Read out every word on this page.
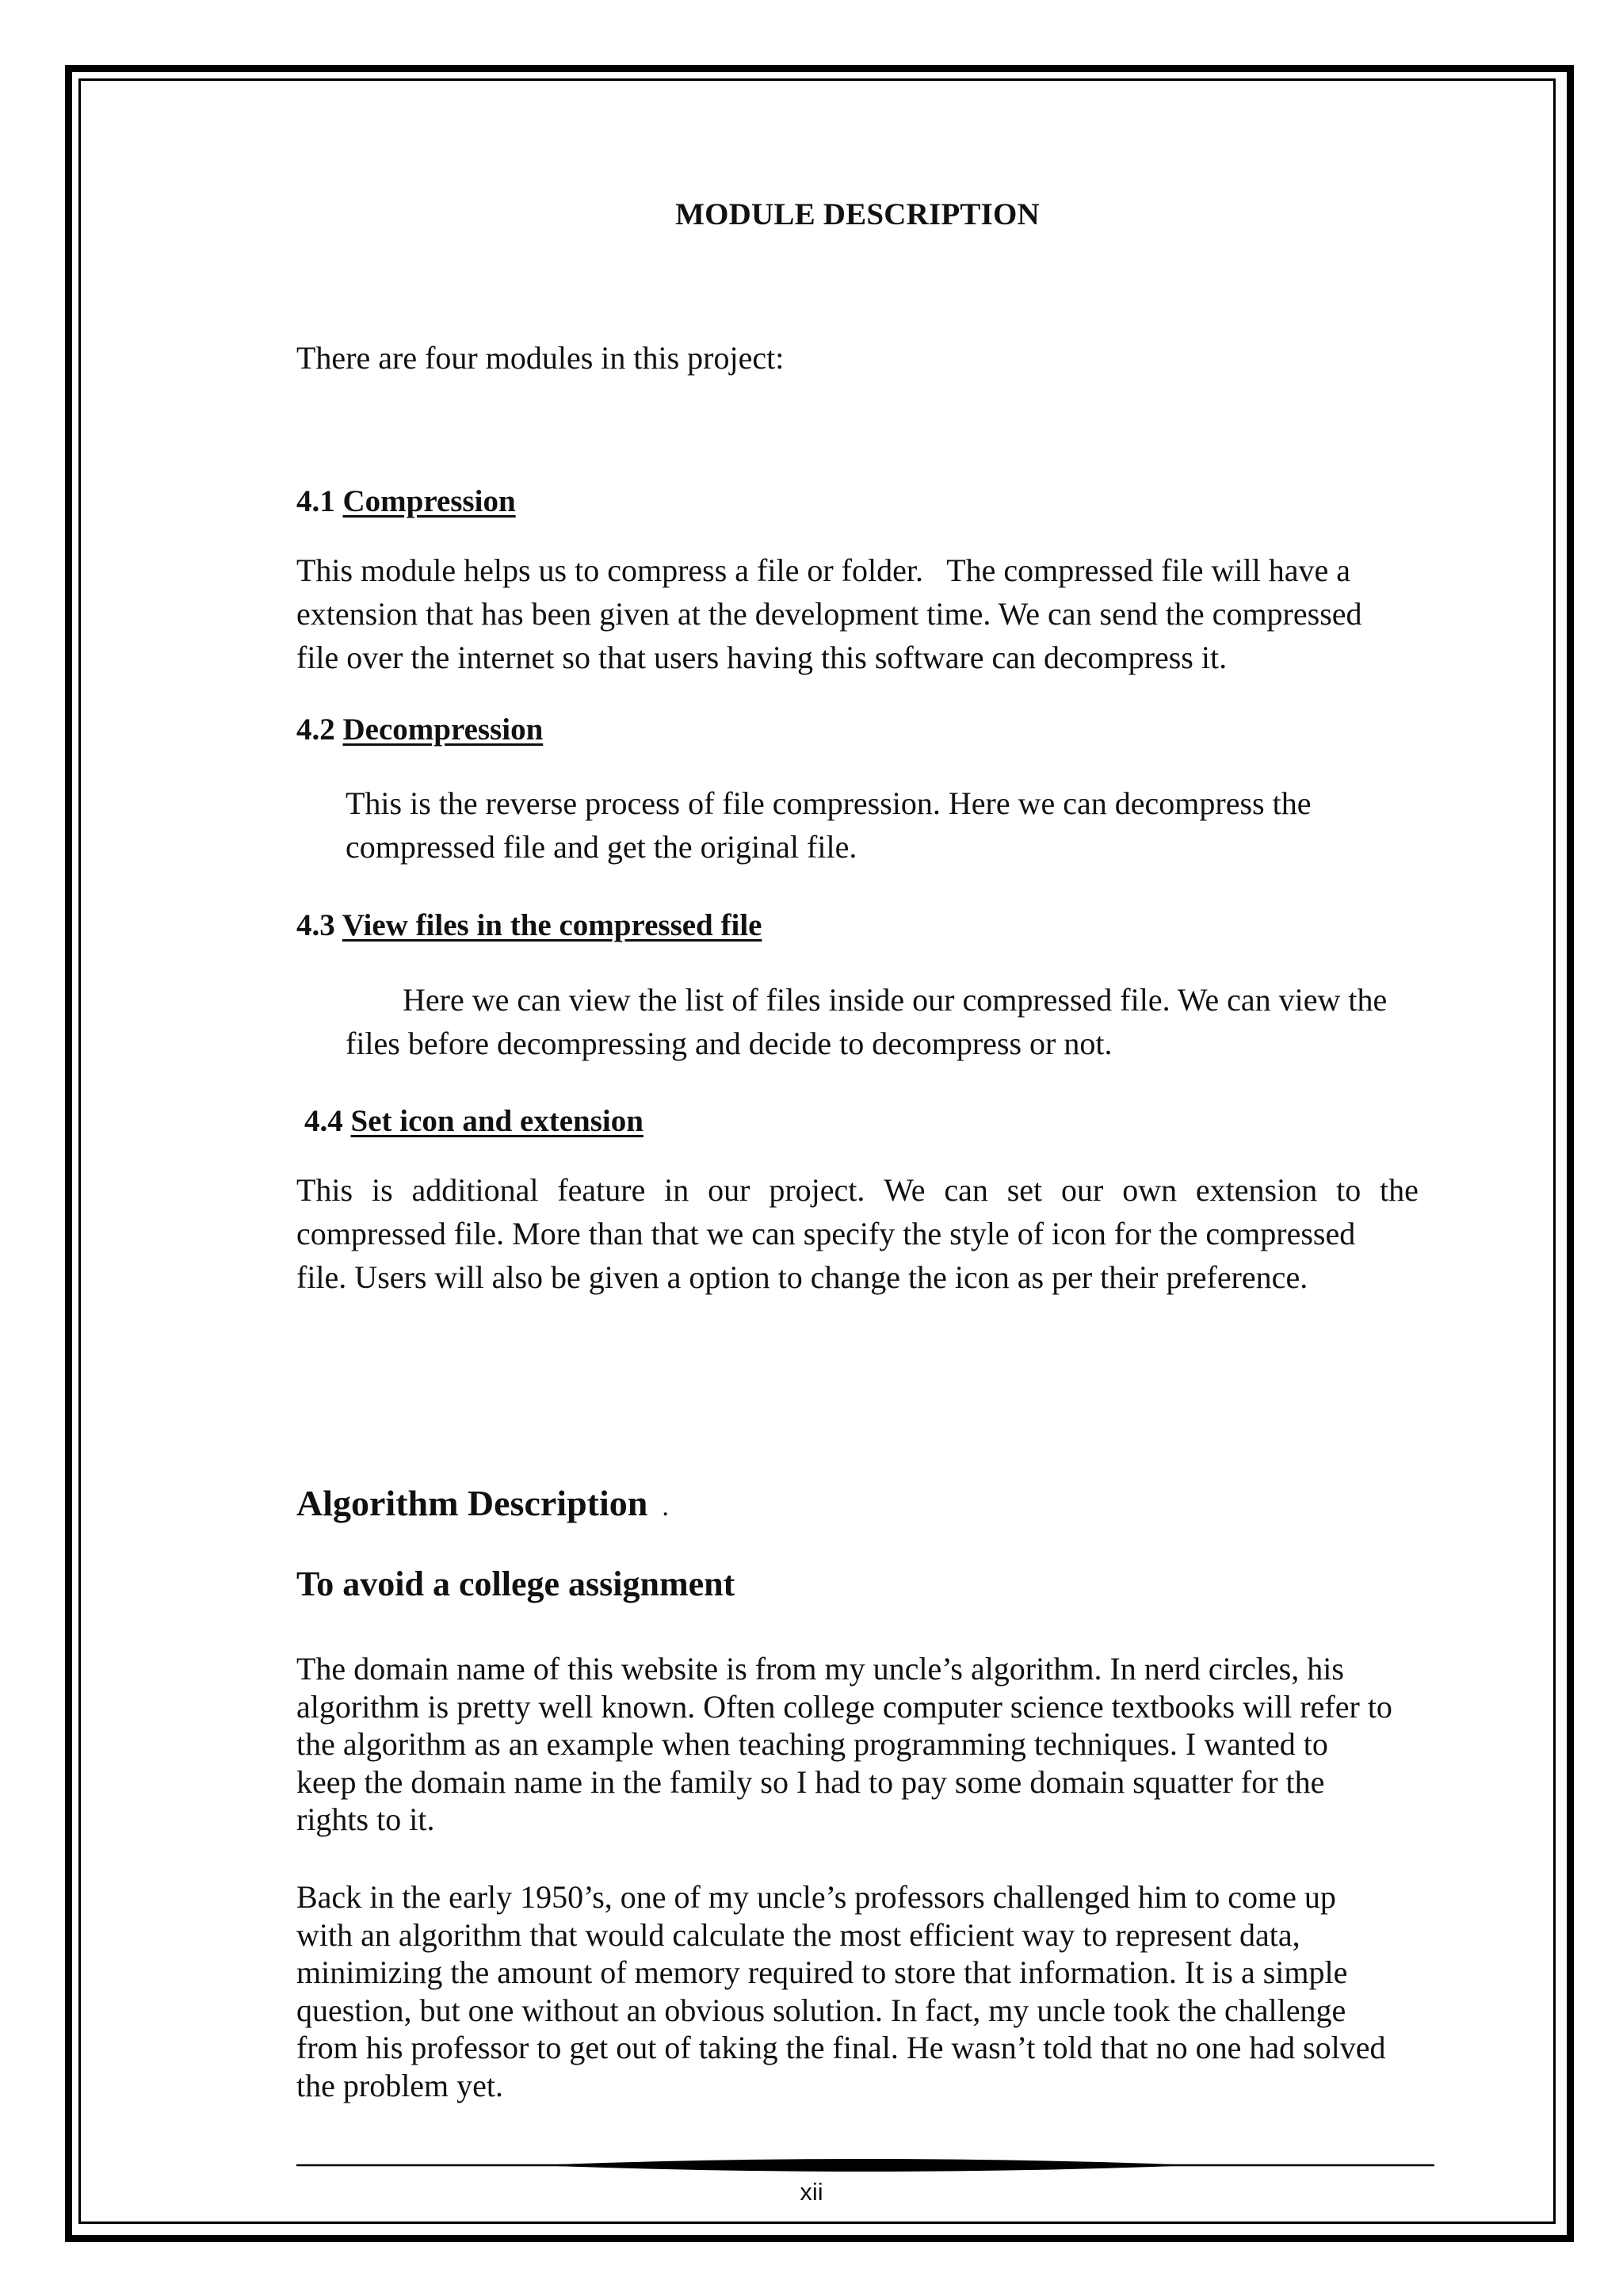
MODULE DESCRIPTION
There are four modules in this project:
4.1 Compression
This module helps us to compress a file or folder.   The compressed file will have a
extension that has been given at the development time. We can send the compressed
file over the internet so that users having this software can decompress it.
4.2 Decompression
This is the reverse process of file compression. Here we can decompress the
compressed file and get the original file.
4.3 View files in the compressed file
Here we can view the list of files inside our compressed file. We can view the
files before decompressing and decide to decompress or not.
4.4 Set icon and extension
This is additional feature in our project. We can set our own extension to the
compressed file. More than that we can specify the style of icon for the compressed
file. Users will also be given a option to change the icon as per their preference.
Algorithm Description .
To avoid a college assignment
The domain name of this website is from my uncle’s algorithm. In nerd circles, his
algorithm is pretty well known. Often college computer science textbooks will refer to
the algorithm as an example when teaching programming techniques. I wanted to
keep the domain name in the family so I had to pay some domain squatter for the
rights to it.
Back in the early 1950’s, one of my uncle’s professors challenged him to come up
with an algorithm that would calculate the most efficient way to represent data,
minimizing the amount of memory required to store that information. It is a simple
question, but one without an obvious solution. In fact, my uncle took the challenge
from his professor to get out of taking the final. He wasn’t told that no one had solved
the problem yet.
xii
